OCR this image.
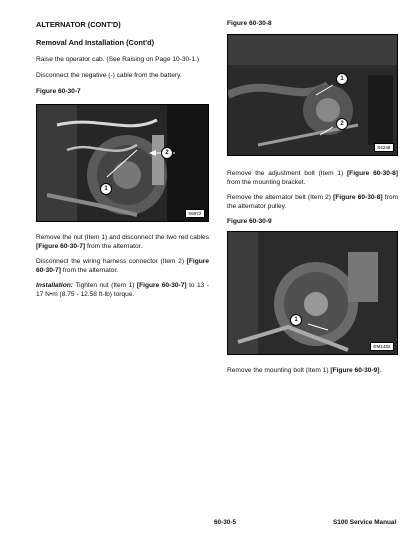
ALTERNATOR (CONT'D)
Removal And Installation (Cont'd)
Raise the operator cab. (See Raising on Page 10-30-1.)
Disconnect the negative (-) cable from the battery.
Figure 60-30-7
2
1
S5972
Remove the nut (Item 1) and disconnect the two red cables [Figure 60-30-7] from the alternator.
Disconnect the wiring harness connector (Item 2) [Figure 60-30-7] from the alternator.
Installation: Tighten nut (Item 1) [Figure 60-30-7] to 13 - 17 N•m (8.75 - 12.58 ft-lb) torque.
Figure 60-30-8
1
2
S4248
Remove the adjustment bolt (Item 1) [Figure 60-30-8] from the mounting bracket.
Remove the alternator belt (Item 2) [Figure 60-30-8] from the alternator pulley.
Figure 60-30-9
1
EM1432
Remove the mounting bolt (Item 1) [Figure 60-30-9].
60-30-5	S100 Service Manual
